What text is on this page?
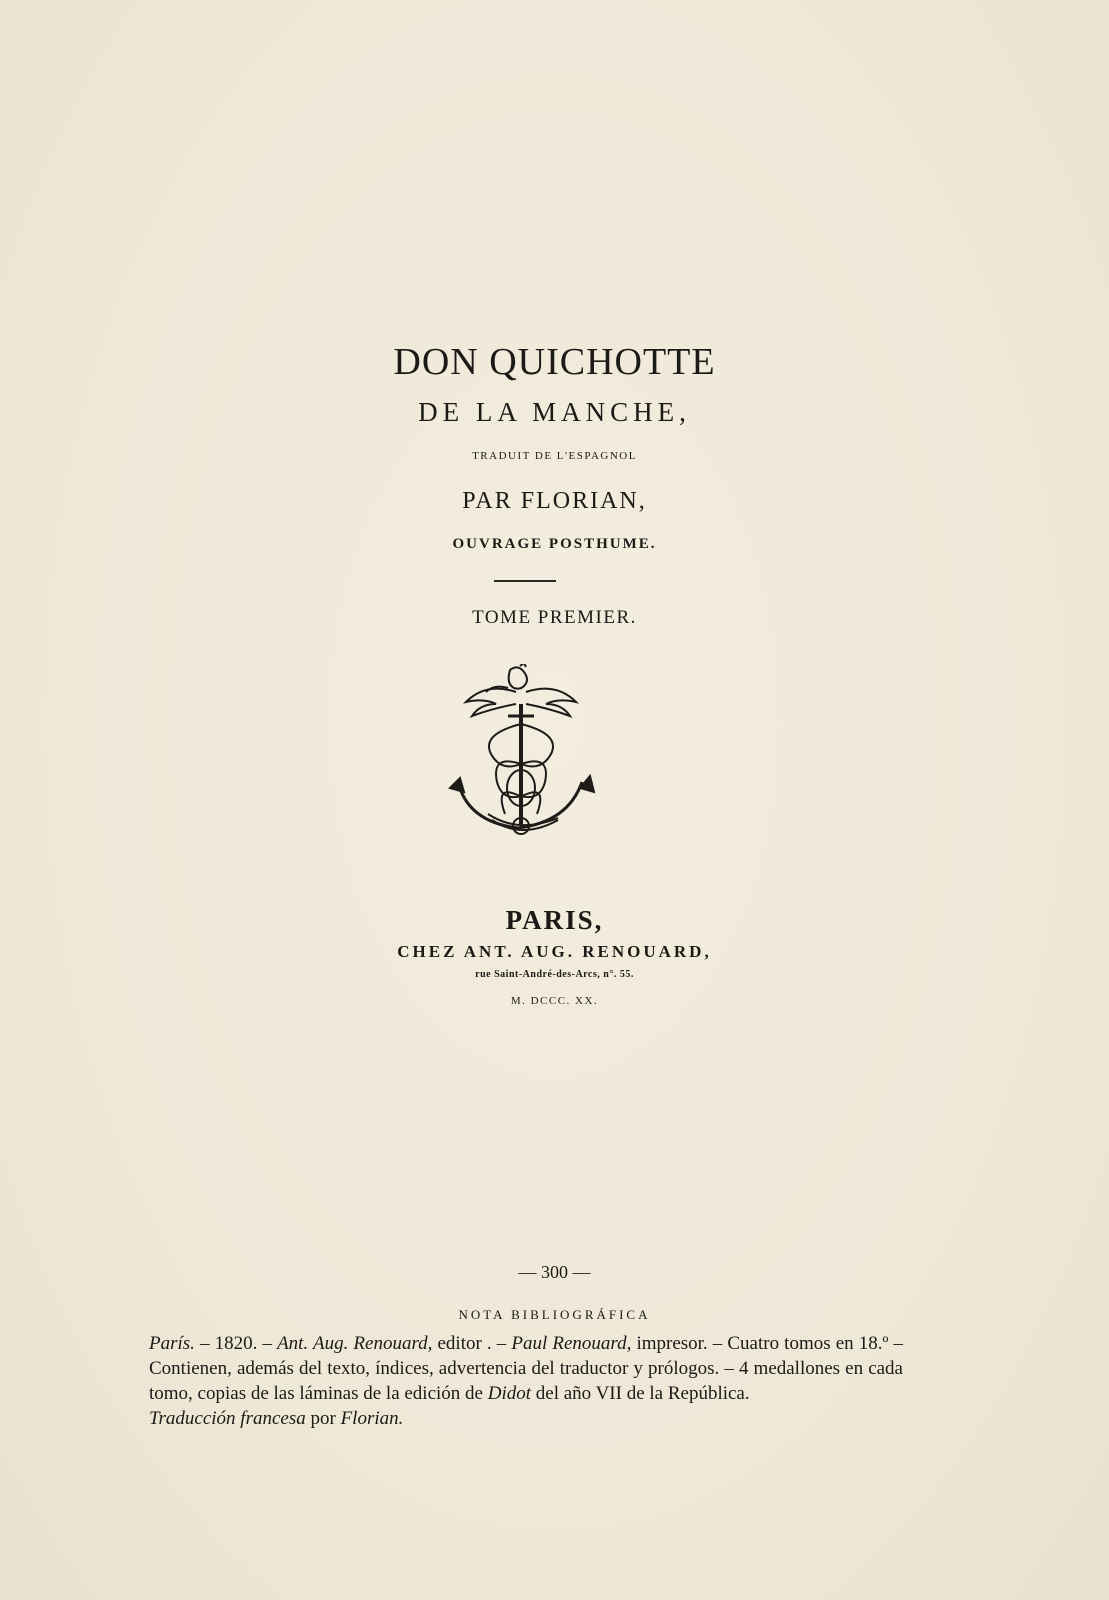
DON QUICHOTTE
DE LA MANCHE,
TRADUIT DE L'ESPAGNOL
PAR FLORIAN,
OUVRAGE POSTHUME.
TOME PREMIER.
PARIS,
CHEZ ANT. AUG. RENOUARD,
rue Saint-André-des-Arcs, n°. 55.
M. DCCC. XX.
— 300 —
NOTA BIBLIOGRÁFICA
París. – 1820. – Ant. Aug. Renouard, editor . – Paul Renouard, impresor. – Cuatro tomos en 18.º – Contienen, además del texto, índices, advertencia del traductor y prólogos. – 4 medallones en cada tomo, copias de las láminas de la edición de Didot del año VII de la República.
Traducción francesa por Florian.
